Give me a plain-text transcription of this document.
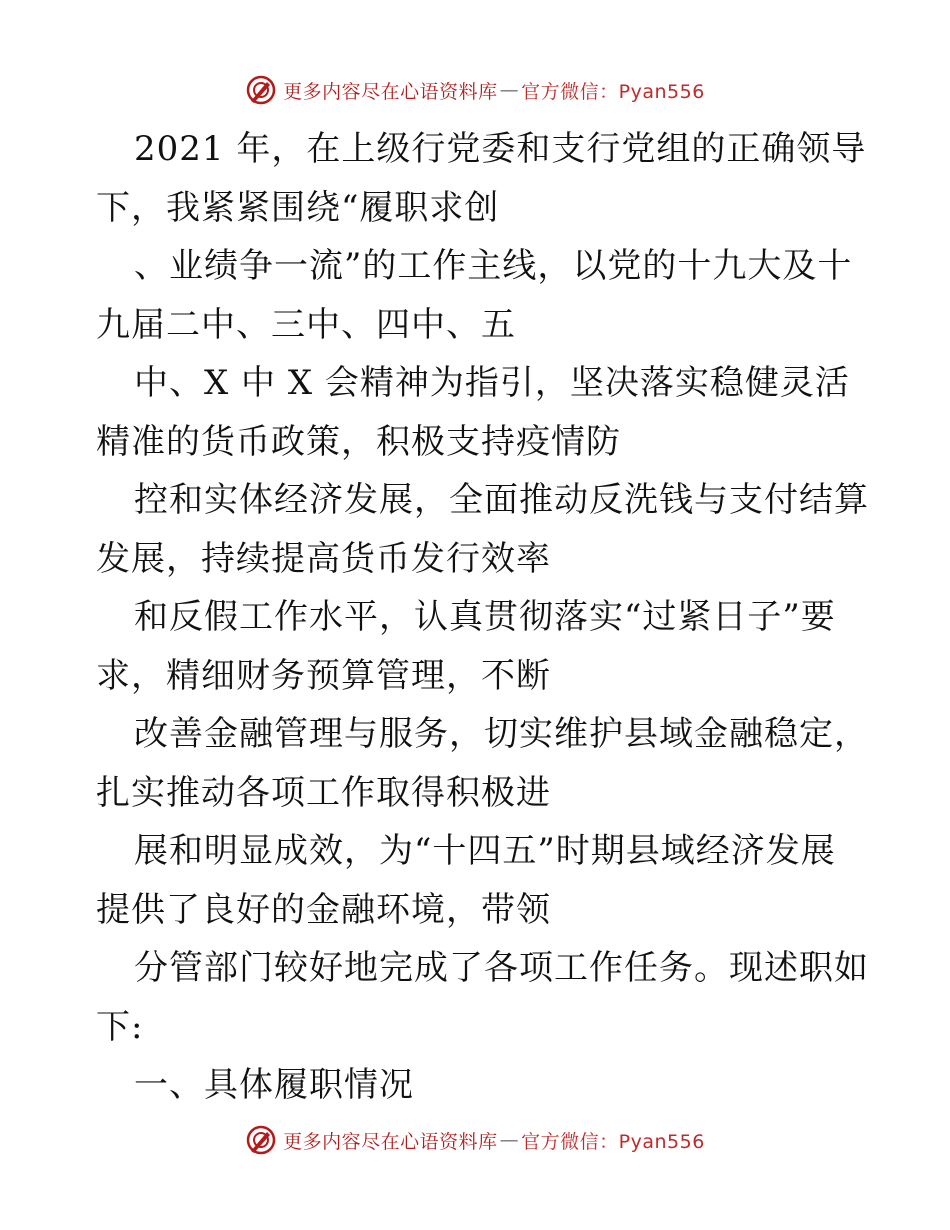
更多内容尽在心语资料库 — 官方微信：Pyan556
2021 年，在上级行党委和支行党组的正确领导
下，我紧紧围绕“履职求创
、业绩争一流”的工作主线，以党的十九大及十
九届二中、三中、四中、五
中、X 中 X 会精神为指引，坚决落实稳健灵活
精准的货币政策，积极支持疫情防
控和实体经济发展，全面推动反洗钱与支付结算
发展，持续提高货币发行效率
和反假工作水平，认真贯彻落实“过紧日子”要
求，精细财务预算管理，不断
改善金融管理与服务，切实维护县域金融稳定，
扎实推动各项工作取得积极进
展和明显成效，为“十四五”时期县域经济发展
提供了良好的金融环境，带领
分管部门较好地完成了各项工作任务。现述职如
下:
一、具体履职情况
更多内容尽在心语资料库 — 官方微信：Pyan556
